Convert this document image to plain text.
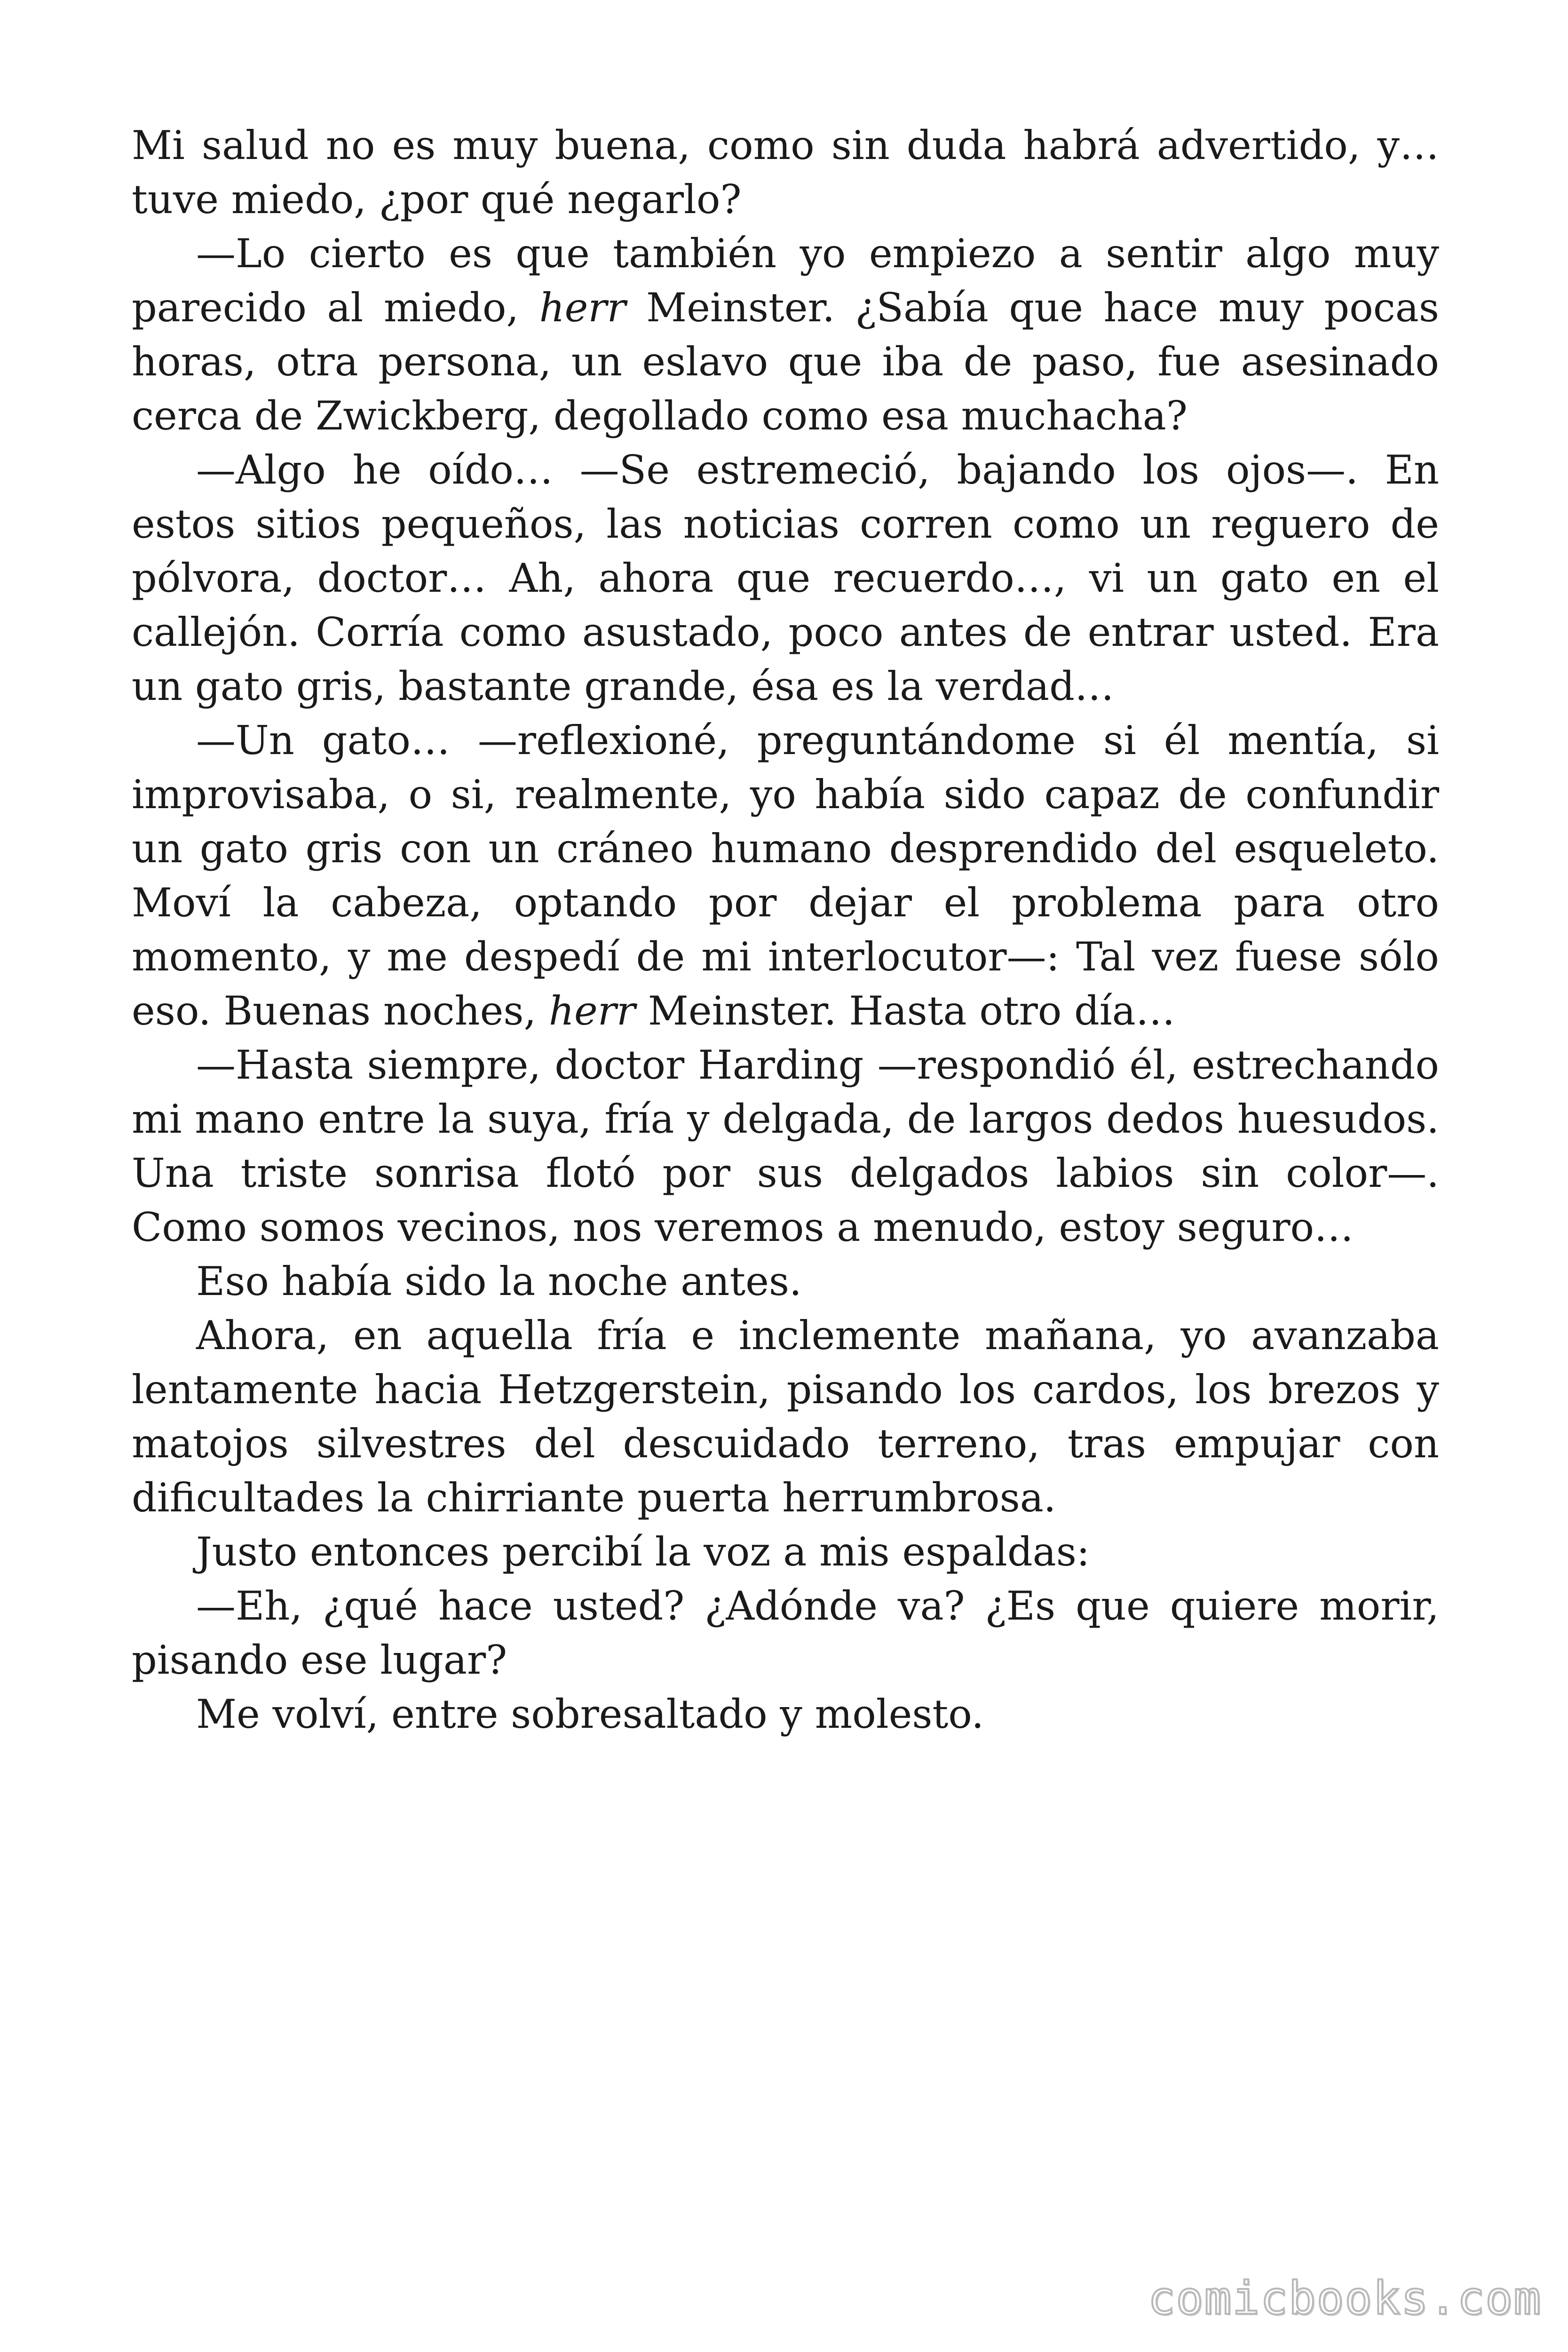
Mi salud no es muy buena, como sin duda habrá advertido, y… tuve miedo, ¿por qué negarlo?

—Lo cierto es que también yo empiezo a sentir algo muy parecido al miedo, herr Meinster. ¿Sabía que hace muy pocas horas, otra persona, un eslavo que iba de paso, fue asesinado cerca de Zwickberg, degollado como esa muchacha?

—Algo he oído… —Se estremeció, bajando los ojos—. En estos sitios pequeños, las noticias corren como un reguero de pólvora, doctor… Ah, ahora que recuerdo…, vi un gato en el callejón. Corría como asustado, poco antes de entrar usted. Era un gato gris, bastante grande, ésa es la verdad…

—Un gato… —reflexioné, preguntándome si él mentía, si improvisaba, o si, realmente, yo había sido capaz de confundir un gato gris con un cráneo humano desprendido del esqueleto. Moví la cabeza, optando por dejar el problema para otro momento, y me despedí de mi interlocutor—: Tal vez fuese sólo eso. Buenas noches, herr Meinster. Hasta otro día…

—Hasta siempre, doctor Harding —respondió él, estrechando mi mano entre la suya, fría y delgada, de largos dedos huesudos. Una triste sonrisa flotó por sus delgados labios sin color—. Como somos vecinos, nos veremos a menudo, estoy seguro…

Eso había sido la noche antes.

Ahora, en aquella fría e inclemente mañana, yo avanzaba lentamente hacia Hetzgerstein, pisando los cardos, los brezos y matojos silvestres del descuidado terreno, tras empujar con dificultades la chirriante puerta herrumbrosa.

Justo entonces percibí la voz a mis espaldas:

—Eh, ¿qué hace usted? ¿Adónde va? ¿Es que quiere morir, pisando ese lugar?

Me volví, entre sobresaltado y molesto.

comicbooks.com
